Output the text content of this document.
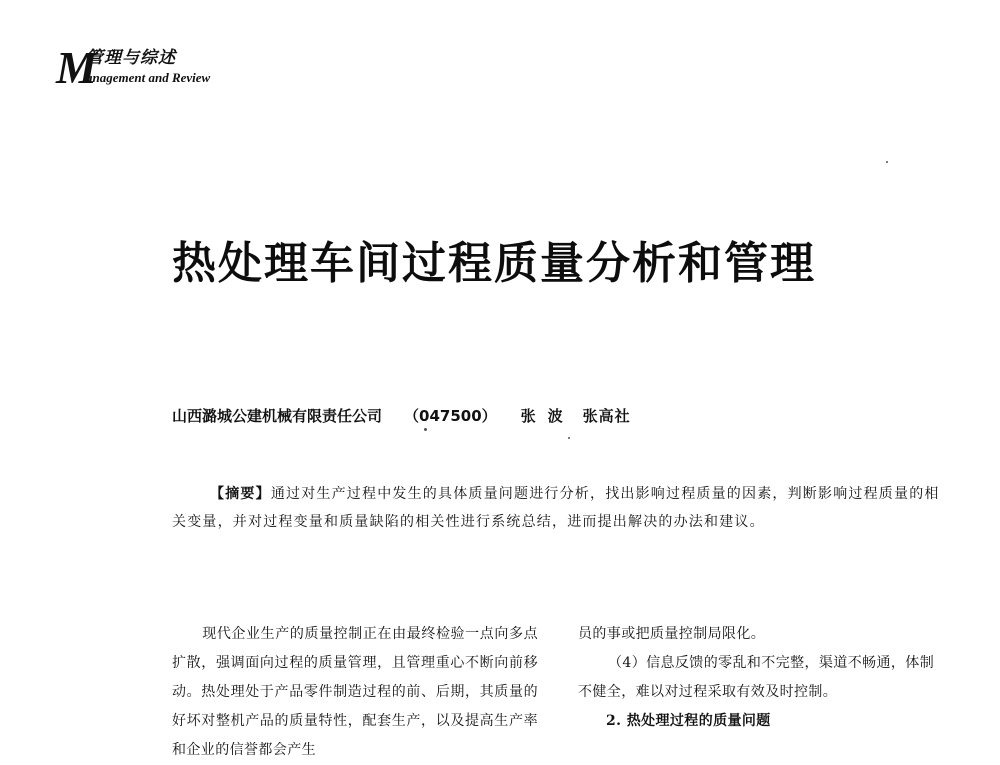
M
管理与综述
anagement and Review
热处理车间过程质量分析和管理
山西潞城公建机械有限责任公司 （047500） 张波 张高社

【摘要】通过对生产过程中发生的具体质量问题进行分析，找出影响过程质量的因素，判断影响过程质量的相关变量，并对过程变量和质量缺陷的相关性进行系统总结，进而提出解决的办法和建议。

现代企业生产的质量控制正在由最终检验一点向多点扩散，强调面向过程的质量管理，且管理重心不断向前移动。热处理处于产品零件制造过程的前、后期，其质量的好坏对整机产品的质量特性，配套生产，以及提高生产率和企业的信誉都会产生

员的事或把质量控制局限化。

（4）信息反馈的零乱和不完整，渠道不畅通，体制不健全，难以对过程采取有效及时控制。

2. 热处理过程的质量问题
